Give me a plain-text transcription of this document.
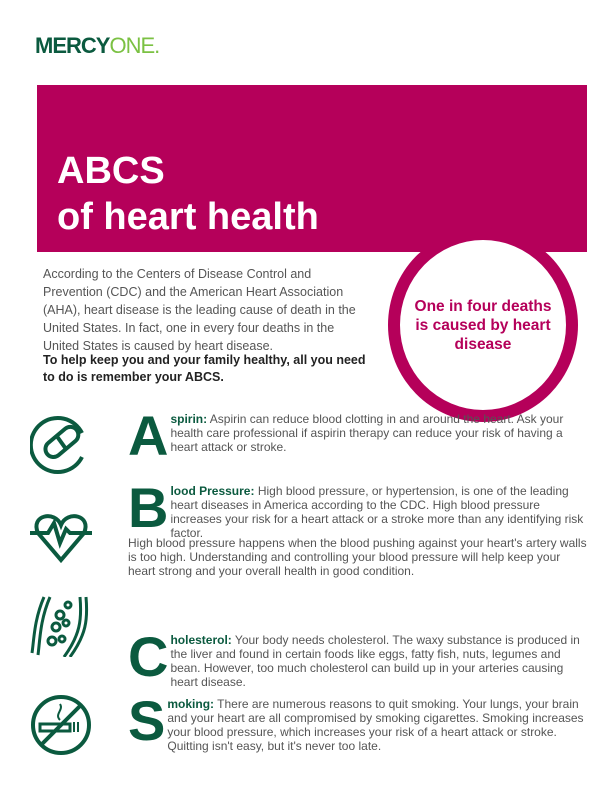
MERCYONE.
ABCS
of heart health
One in four deaths is caused by heart disease
According to the Centers of Disease Control and Prevention (CDC) and the American Heart Association (AHA), heart disease is the leading cause of death in the United States. In fact, one in every four deaths in the United States is caused by heart disease.
To help keep you and your family healthy, all you need to do is remember your ABCS.
Aspirin: Aspirin can reduce blood clotting in and around the heart. Ask your health care professional if aspirin therapy can reduce your risk of having a heart attack or stroke.
Blood Pressure: High blood pressure, or hypertension, is one of the leading heart diseases in America according to the CDC. High blood pressure increases your risk for a heart attack or a stroke more than any identifying risk factor.
High blood pressure happens when the blood pushing against your heart's artery walls is too high. Understanding and controlling your blood pressure will help keep your heart strong and your overall health in good condition.
Cholesterol: Your body needs cholesterol. The waxy substance is produced in the liver and found in certain foods like eggs, fatty fish, nuts, legumes and bean. However, too much cholesterol can build up in your arteries causing heart disease.
Smoking: There are numerous reasons to quit smoking. Your lungs, your brain and your heart are all compromised by smoking cigarettes. Smoking increases your blood pressure, which increases your risk of a heart attack or stroke. Quitting isn't easy, but it's never too late.
